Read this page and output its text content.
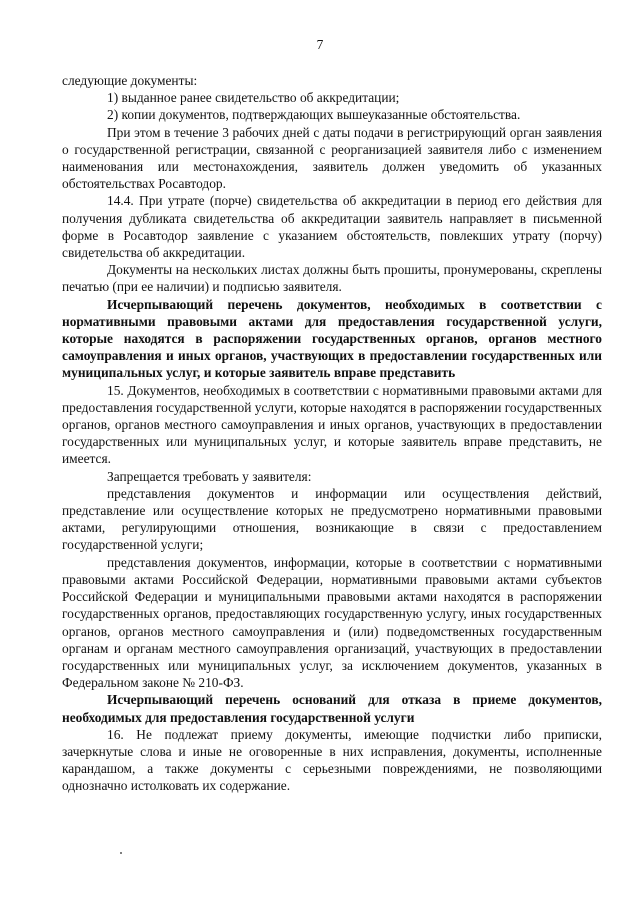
7

следующие документы:

1) выданное ранее свидетельство об аккредитации;

2) копии документов, подтверждающих вышеуказанные обстоятельства.

При этом в течение 3 рабочих дней с даты подачи в регистрирующий орган заявления о государственной регистрации, связанной с реорганизацией заявителя либо с изменением наименования или местонахождения, заявитель должен уведомить об указанных обстоятельствах Росавтодор.

14.4. При утрате (порче) свидетельства об аккредитации в период его действия для получения дубликата свидетельства об аккредитации заявитель направляет в письменной форме в Росавтодор заявление с указанием обстоятельств, повлекших утрату (порчу) свидетельства об аккредитации.

Документы на нескольких листах должны быть прошиты, пронумерованы, скреплены печатью (при ее наличии) и подписью заявителя.

Исчерпывающий перечень документов, необходимых в соответствии с нормативными правовыми актами для предоставления государственной услуги, которые находятся в распоряжении государственных органов, органов местного самоуправления и иных органов, участвующих в предоставлении государственных или муниципальных услуг, и которые заявитель вправе представить

15. Документов, необходимых в соответствии с нормативными правовыми актами для предоставления государственной услуги, которые находятся в распоряжении государственных органов, органов местного самоуправления и иных органов, участвующих в предоставлении государственных или муниципальных услуг, и которые заявитель вправе представить, не имеется.

Запрещается требовать у заявителя:

представления документов и информации или осуществления действий, представление или осуществление которых не предусмотрено нормативными правовыми актами, регулирующими отношения, возникающие в связи с предоставлением государственной услуги;

представления документов, информации, которые в соответствии с нормативными правовыми актами Российской Федерации, нормативными правовыми актами субъектов Российской Федерации и муниципальными правовыми актами находятся в распоряжении государственных органов, предоставляющих государственную услугу, иных государственных органов, органов местного самоуправления и (или) подведомственных государственным органам и органам местного самоуправления организаций, участвующих в предоставлении государственных или муниципальных услуг, за исключением документов, указанных в Федеральном законе № 210-ФЗ.

Исчерпывающий перечень оснований для отказа в приеме документов, необходимых для предоставления государственной услуги

16. Не подлежат приему документы, имеющие подчистки либо приписки, зачеркнутые слова и иные не оговоренные в них исправления, документы, исполненные карандашом, а также документы с серьезными повреждениями, не позволяющими однозначно истолковать их содержание.
